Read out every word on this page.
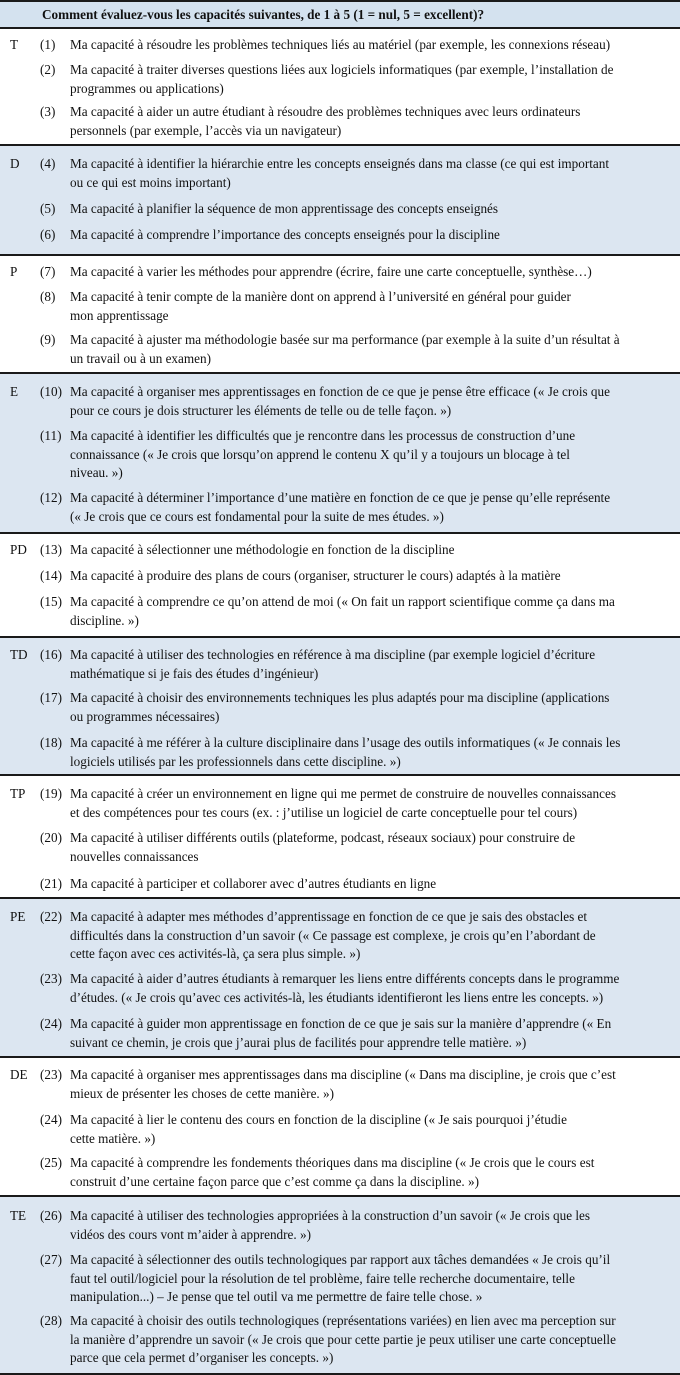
Comment évaluez-vous les capacités suivantes, de 1 à 5 (1 = nul, 5 = excellent)?
T (1) Ma capacité à résoudre les problèmes techniques liés au matériel (par exemple, les connexions réseau)
(2) Ma capacité à traiter diverses questions liées aux logiciels informatiques (par exemple, l’installation de
programmes ou applications)
(3) Ma capacité à aider un autre étudiant à résoudre des problèmes techniques avec leurs ordinateurs
personnels (par exemple, l’accès via un navigateur)
D (4) Ma capacité à identifier la hiérarchie entre les concepts enseignés dans ma classe (ce qui est important
ou ce qui est moins important)
(5) Ma capacité à planifier la séquence de mon apprentissage des concepts enseignés
(6) Ma capacité à comprendre l’importance des concepts enseignés pour la discipline
P (7) Ma capacité à varier les méthodes pour apprendre (écrire, faire une carte conceptuelle, synthèse…)
(8) Ma capacité à tenir compte de la manière dont on apprend à l’université en général pour guider
mon apprentissage
(9) Ma capacité à ajuster ma méthodologie basée sur ma performance (par exemple à la suite d’un résultat à
un travail ou à un examen)
E (10) Ma capacité à organiser mes apprentissages en fonction de ce que je pense être efficace (« Je crois que
pour ce cours je dois structurer les éléments de telle ou de telle façon. »)
(11) Ma capacité à identifier les difficultés que je rencontre dans les processus de construction d’une
connaissance (« Je crois que lorsqu’on apprend le contenu X qu’il y a toujours un blocage à tel
niveau. »)
(12) Ma capacité à déterminer l’importance d’une matière en fonction de ce que je pense qu’elle représente
(« Je crois que ce cours est fondamental pour la suite de mes études. »)
PD (13) Ma capacité à sélectionner une méthodologie en fonction de la discipline
(14) Ma capacité à produire des plans de cours (organiser, structurer le cours) adaptés à la matière
(15) Ma capacité à comprendre ce qu’on attend de moi (« On fait un rapport scientifique comme ça dans ma
discipline. »)
TD (16) Ma capacité à utiliser des technologies en référence à ma discipline (par exemple logiciel d’écriture
mathématique si je fais des études d’ingénieur)
(17) Ma capacité à choisir des environnements techniques les plus adaptés pour ma discipline (applications
ou programmes nécessaires)
(18) Ma capacité à me référer à la culture disciplinaire dans l’usage des outils informatiques (« Je connais les
logiciels utilisés par les professionnels dans cette discipline. »)
TP (19) Ma capacité à créer un environnement en ligne qui me permet de construire de nouvelles connaissances
et des compétences pour tes cours (ex. : j’utilise un logiciel de carte conceptuelle pour tel cours)
(20) Ma capacité à utiliser différents outils (plateforme, podcast, réseaux sociaux) pour construire de
nouvelles connaissances
(21) Ma capacité à participer et collaborer avec d’autres étudiants en ligne
PE (22) Ma capacité à adapter mes méthodes d’apprentissage en fonction de ce que je sais des obstacles et
difficultés dans la construction d’un savoir (« Ce passage est complexe, je crois qu’en l’abordant de
cette façon avec ces activités-là, ça sera plus simple. »)
(23) Ma capacité à aider d’autres étudiants à remarquer les liens entre différents concepts dans le programme
d’études. (« Je crois qu’avec ces activités-là, les étudiants identifieront les liens entre les concepts. »)
(24) Ma capacité à guider mon apprentissage en fonction de ce que je sais sur la manière d’apprendre (« En
suivant ce chemin, je crois que j’aurai plus de facilités pour apprendre telle matière. »)
DE (23) Ma capacité à organiser mes apprentissages dans ma discipline (« Dans ma discipline, je crois que c’est
mieux de présenter les choses de cette manière. »)
(24) Ma capacité à lier le contenu des cours en fonction de la discipline (« Je sais pourquoi j’étudie
cette matière. »)
(25) Ma capacité à comprendre les fondements théoriques dans ma discipline (« Je crois que le cours est
construit d’une certaine façon parce que c’est comme ça dans la discipline. »)
TE (26) Ma capacité à utiliser des technologies appropriées à la construction d’un savoir (« Je crois que les
vidéos des cours vont m’aider à apprendre. »)
(27) Ma capacité à sélectionner des outils technologiques par rapport aux tâches demandées « Je crois qu’il
faut tel outil/logiciel pour la résolution de tel problème, faire telle recherche documentaire, telle
manipulation...) – Je pense que tel outil va me permettre de faire telle chose. »
(28) Ma capacité à choisir des outils technologiques (représentations variées) en lien avec ma perception sur
la manière d’apprendre un savoir (« Je crois que pour cette partie je peux utiliser une carte conceptuelle
parce que cela permet d’organiser les concepts. »)
